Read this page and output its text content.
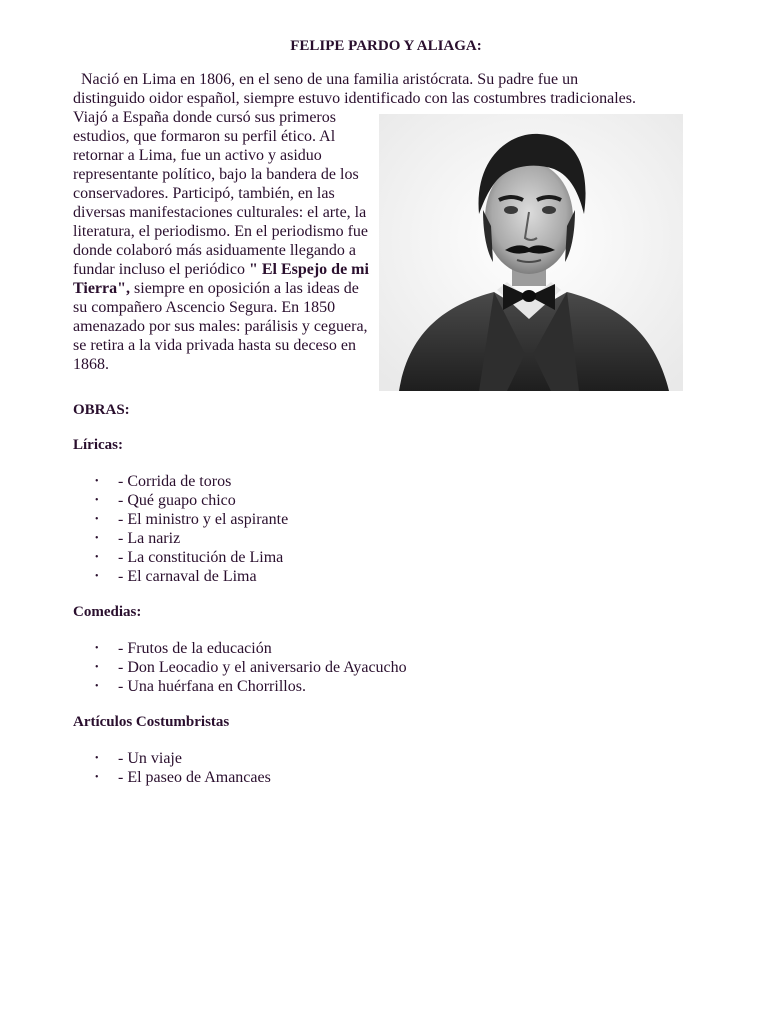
FELIPE PARDO Y ALIAGA:

Nació en Lima en 1806, en el seno de una familia aristócrata. Su padre fue un
distinguido oidor español, siempre estuvo identificado con las costumbres tradicionales.

Viajó a España donde cursó sus primeros estudios, que formaron su perfil ético. Al retornar a Lima, fue un activo y asiduo representante político, bajo la bandera de los conservadores. Participó, también, en las diversas manifestaciones culturales: el arte, la literatura, el periodismo. En el periodismo fue donde colaboró más asiduamente llegando a fundar incluso el periódico " El Espejo de mi Tierra", siempre en oposición a las ideas de su compañero Ascencio Segura. En 1850 amenazado por sus males: parálisis y ceguera, se retira a la vida privada hasta su deceso en 1868.

OBRAS:

Líricas:

• - Corrida de toros
• - Qué guapo chico
• - El ministro y el aspirante
• - La nariz
• - La constitución de Lima
• - El carnaval de Lima

Comedias:

• - Frutos de la educación
• - Don Leocadio y el aniversario de Ayacucho
• - Una huérfana en Chorrillos.

Artículos Costumbristas

• - Un viaje
• - El paseo de Amancaes
